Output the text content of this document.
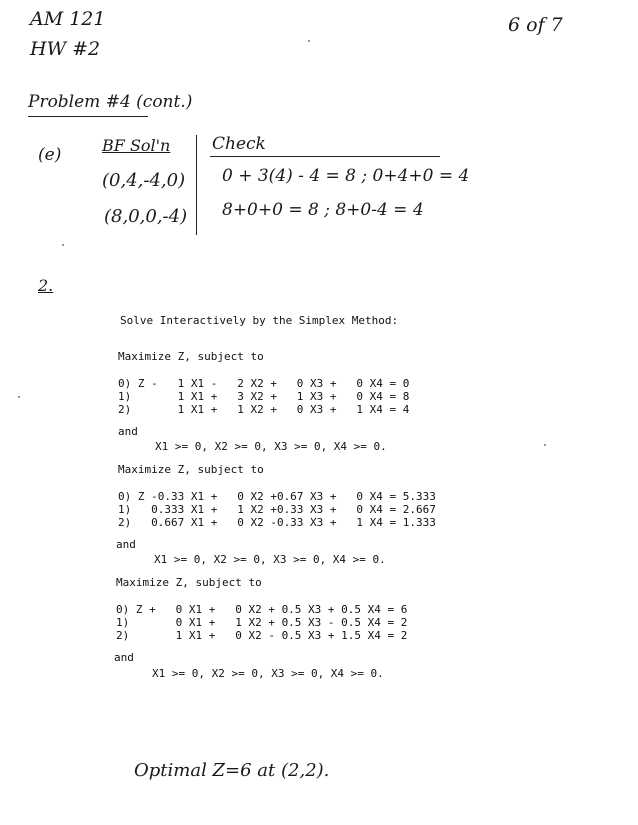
AM 121
HW #2
6 of 7
Problem #4 (cont.)
(e)	BF Sol'n Check
(0,4,-4,0) 0 + 3(4) - 4 = 8 ; 0+4+0 = 4
(8,0,0,-4) 8+0+0 = 8 ; 8+0-4 = 4
2.
Solve Interactively by the Simplex Method:
Maximize Z, subject to
0) Z -   1 X1 -   2 X2 +   0 X3 +   0 X4 = 0
1)       1 X1 +   3 X2 +   1 X3 +   0 X4 = 8
2)       1 X1 +   1 X2 +   0 X3 +   1 X4 = 4
and
X1 >= 0, X2 >= 0, X3 >= 0, X4 >= 0.
Maximize Z, subject to
0) Z -0.33 X1 +   0 X2 +0.67 X3 +   0 X4 = 5.333
1)   0.333 X1 +   1 X2 +0.33 X3 +   0 X4 = 2.667
2)   0.667 X1 +   0 X2 -0.33 X3 +   1 X4 = 1.333
and
X1 >= 0, X2 >= 0, X3 >= 0, X4 >= 0.
Maximize Z, subject to
0) Z +   0 X1 +   0 X2 + 0.5 X3 + 0.5 X4 = 6
1)       0 X1 +   1 X2 + 0.5 X3 - 0.5 X4 = 2
2)       1 X1 +   0 X2 - 0.5 X3 + 1.5 X4 = 2
and
X1 >= 0, X2 >= 0, X3 >= 0, X4 >= 0.
Optimal Z=6 at (2,2).
